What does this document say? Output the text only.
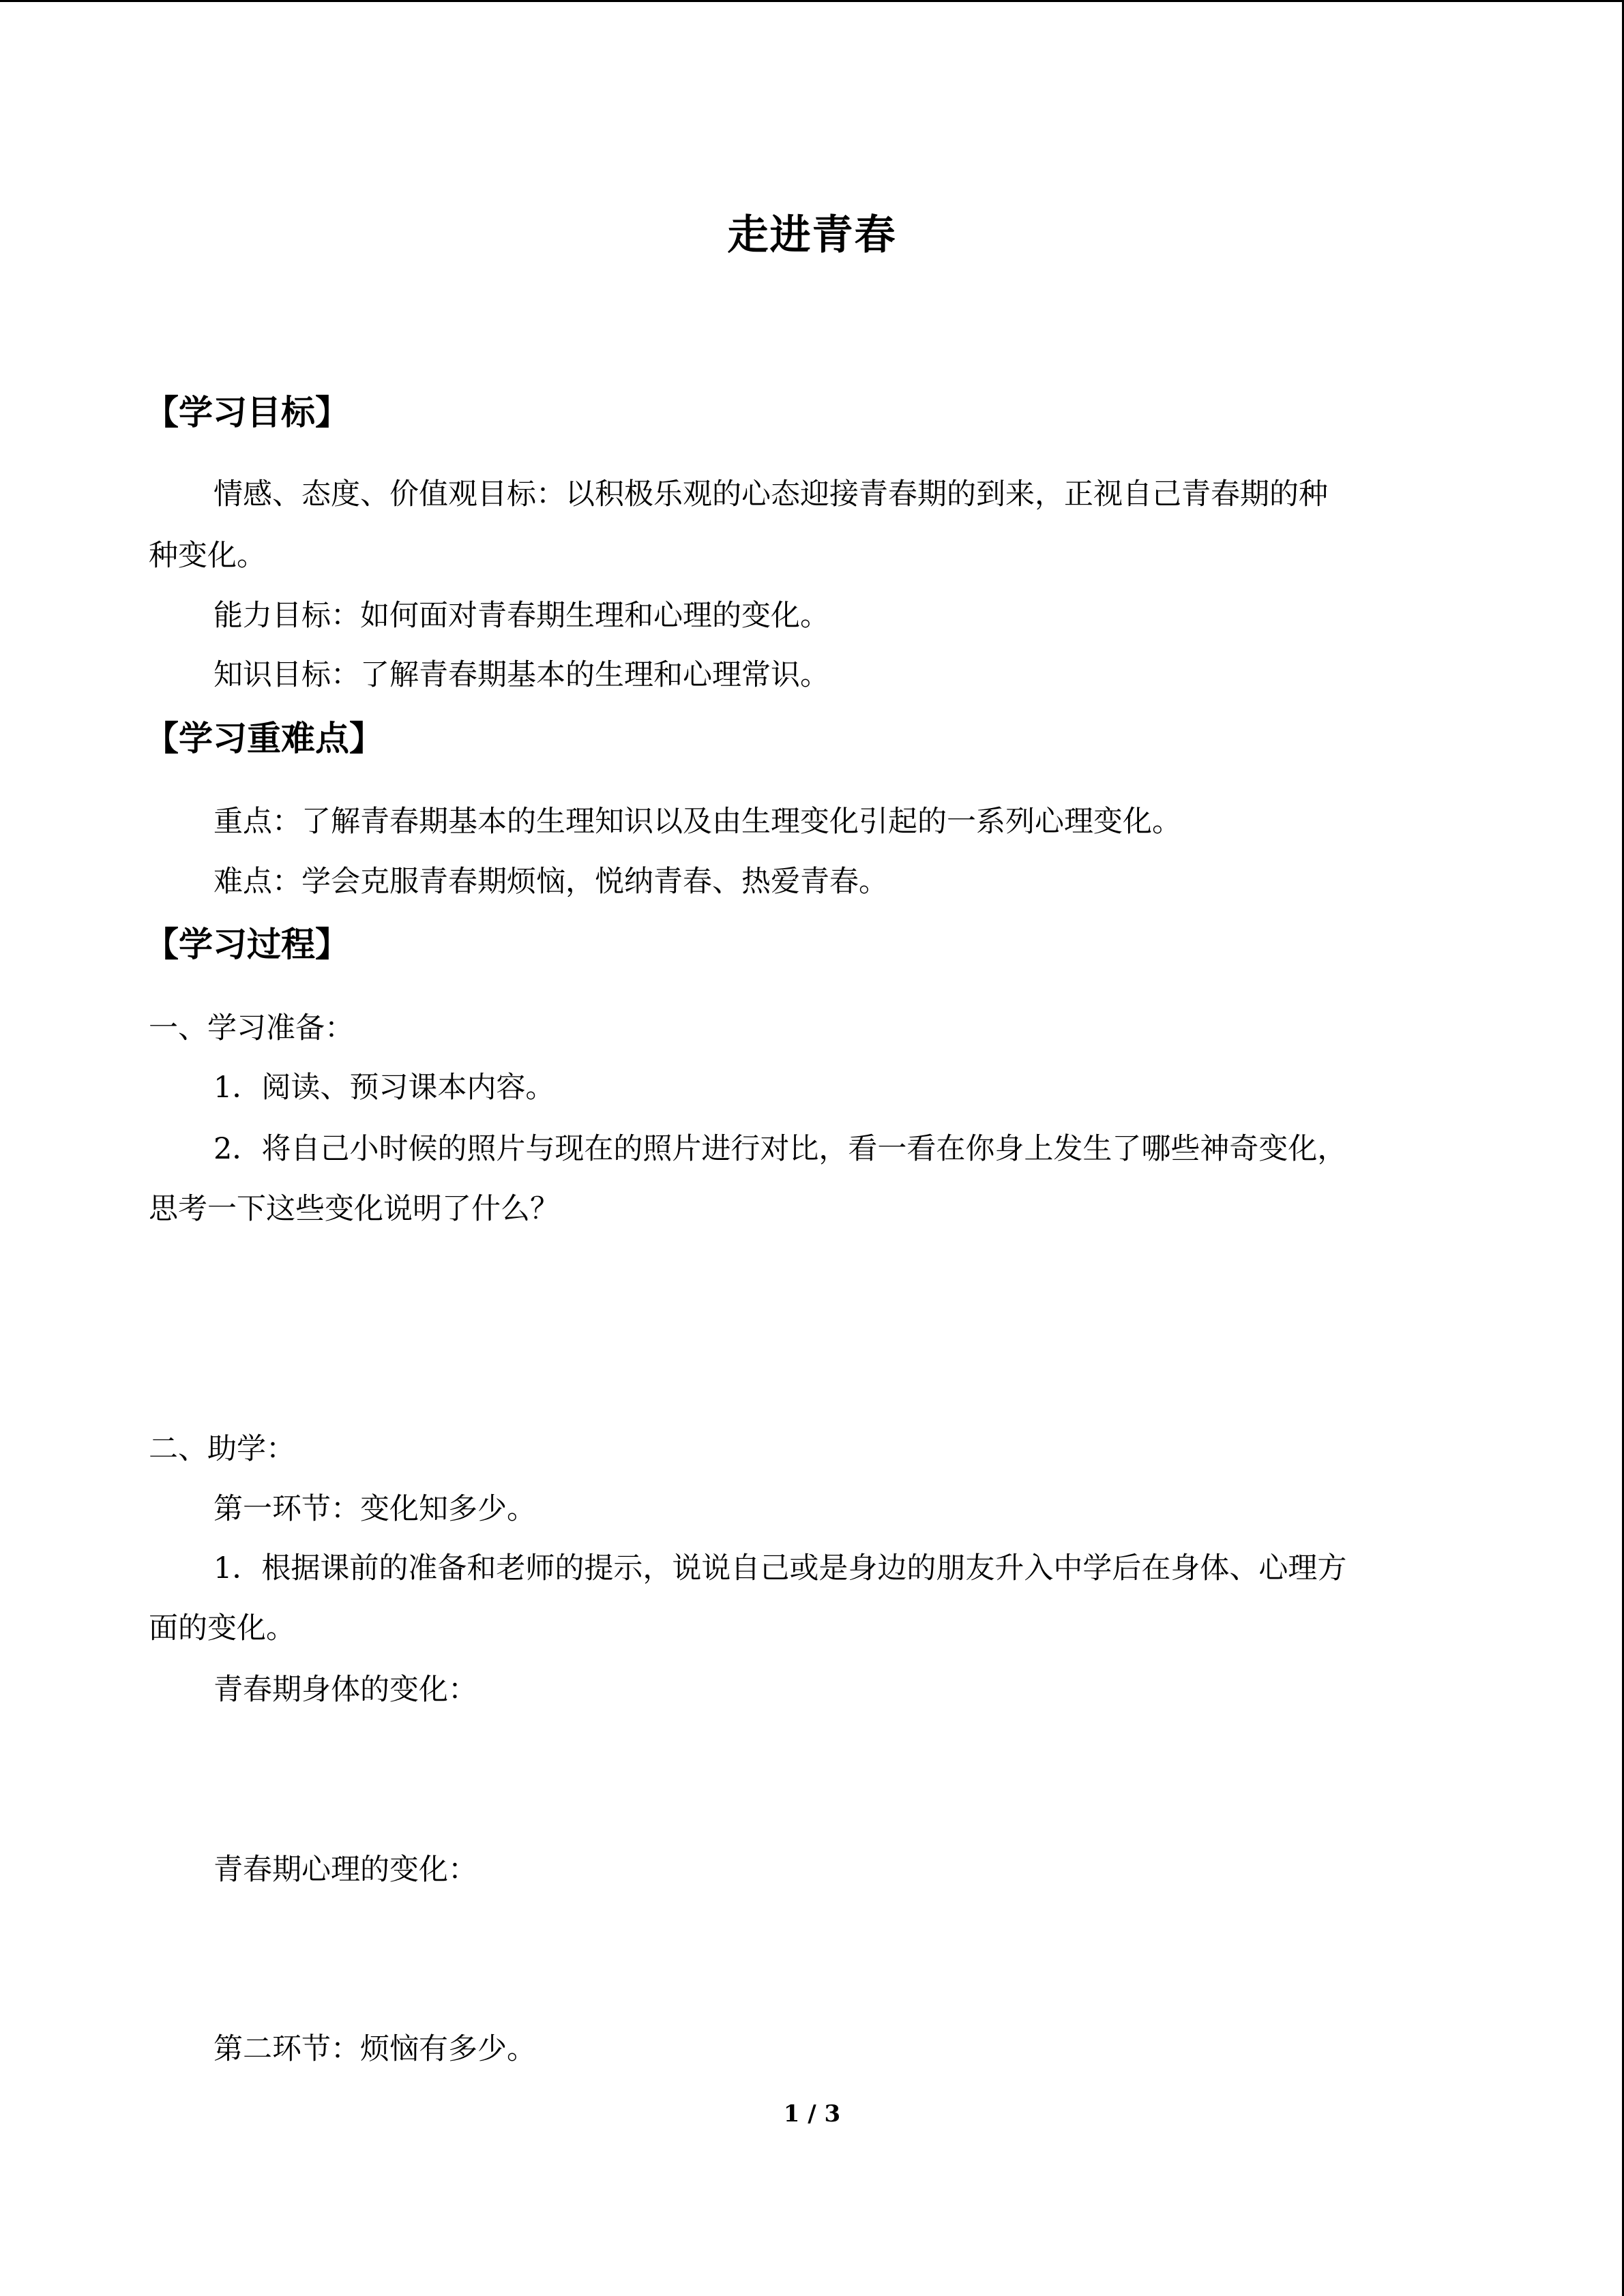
走进青春
【学习目标】
情感、态度、价值观目标：以积极乐观的心态迎接青春期的到来，正视自己青春期的种
种变化。
能力目标：如何面对青春期生理和心理的变化。
知识目标：了解青春期基本的生理和心理常识。
【学习重难点】
重点：了解青春期基本的生理知识以及由生理变化引起的一系列心理变化。
难点：学会克服青春期烦恼，悦纳青春、热爱青春。
【学习过程】
一、学习准备：
1．阅读、预习课本内容。
2．将自己小时候的照片与现在的照片进行对比，看一看在你身上发生了哪些神奇变化，
思考一下这些变化说明了什么？
二、助学：
第一环节：变化知多少。
1．根据课前的准备和老师的提示，说说自己或是身边的朋友升入中学后在身体、心理方
面的变化。
青春期身体的变化：
青春期心理的变化：
第二环节：烦恼有多少。
1 / 3
